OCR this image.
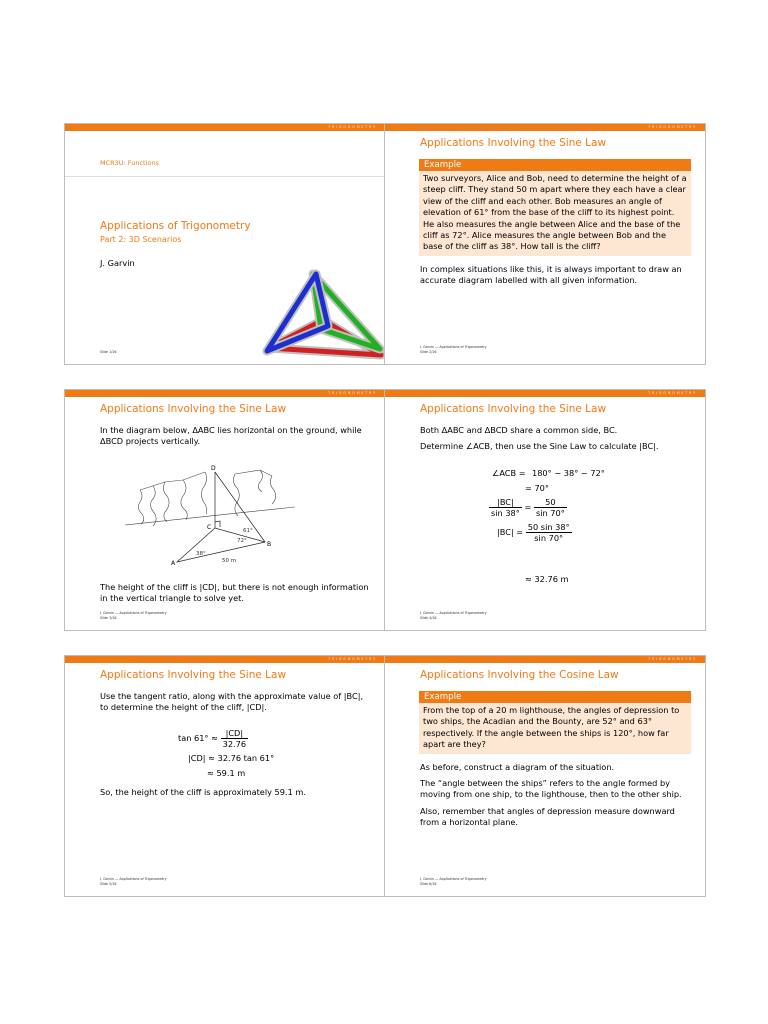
TRIGONOMETRY
MCR3U: Functions
Applications of Trigonometry
Part 2: 3D Scenarios
J. Garvin
Slide 1/16
TRIGONOMETRY
Applications Involving the Sine Law
Example
Two surveyors, Alice and Bob, need to determine the height of a steep cliff. They stand 50 m apart where they each have a clear view of the cliff and each other. Bob measures an angle of elevation of 61° from the base of the cliff to its highest point. He also measures the angle between Alice and the base of the cliff as 72°. Alice measures the angle between Bob and the base of the cliff as 38°. How tall is the cliff?
In complex situations like this, it is always important to draw an accurate diagram labelled with all given information.
J. Garvin — Applications of Trigonometry
Slide 2/16
TRIGONOMETRY
Applications Involving the Sine Law

In the diagram below, ΔABC lies horizontal on the ground, while ΔBCD projects vertically.

D
C
A
B
38°
61°
72°
50 m
The height of the cliff is |CD|, but there is not enough information in the vertical triangle to solve yet.
J. Garvin — Applications of Trigonometry
Slide 3/16
TRIGONOMETRY
Applications Involving the Sine Law

Both ΔABC and ΔBCD share a common side, BC.

Determine ∠ACB, then use the Sine Law to calculate |BC|.

∠ACB = 180° − 38° − 72°
= 70°
$\frac{|BC|}{\sin 38^\circ} = \frac{50}{\sin 70^\circ}$
$|BC| = \frac{50 \sin 38^\circ}{\sin 70^\circ}$
≈ 32.76 m
J. Garvin — Applications of Trigonometry
Slide 4/16
TRIGONOMETRY
Applications Involving the Sine Law

Use the tangent ratio, along with the approximate value of |BC|, to determine the height of the cliff, |CD|.

$\tan 61^\circ \approx \frac{|CD|}{32.76}$
|CD| ≈ 32.76 tan 61°
≈ 59.1 m
So, the height of the cliff is approximately 59.1 m.
J. Garvin — Applications of Trigonometry
Slide 5/16
TRIGONOMETRY
Applications Involving the Cosine Law
Example
From the top of a 20 m lighthouse, the angles of depression to two ships, the Acadian and the Bounty, are 52° and 63° respectively. If the angle between the ships is 120°, how far apart are they?
As before, construct a diagram of the situation.
The “angle between the ships” refers to the angle formed by moving from one ship, to the lighthouse, then to the other ship.
Also, remember that angles of depression measure downward from a horizontal plane.
J. Garvin — Applications of Trigonometry
Slide 6/16
